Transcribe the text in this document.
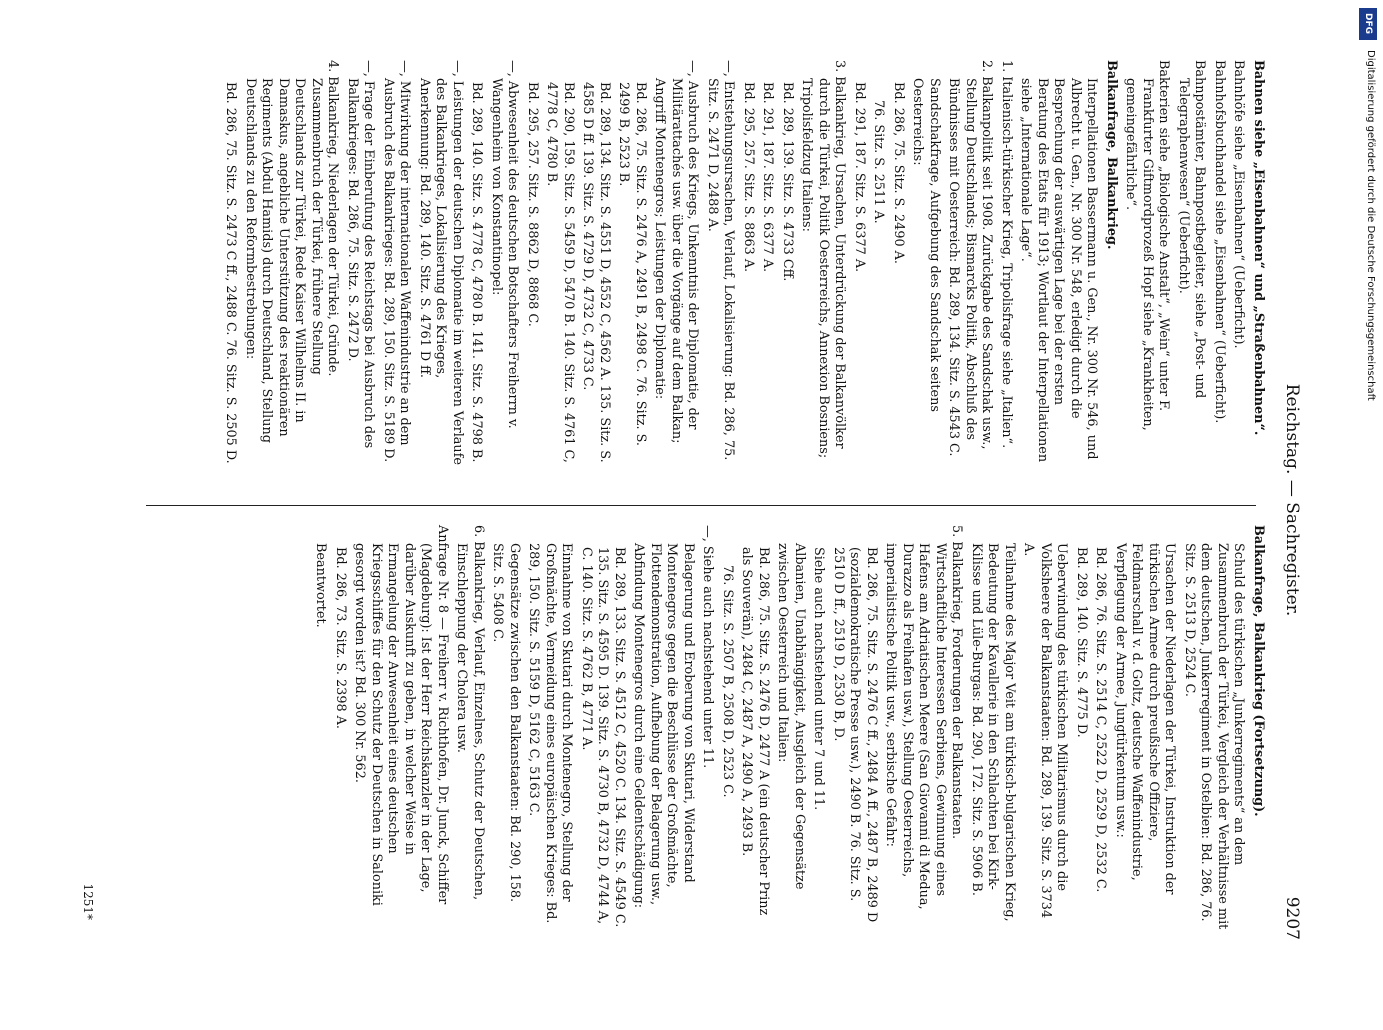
Reichstag. — Sachregister.
9207

Bahnen siehe „Eisenbahnen“ und „Straßenbahnen“.

Bahnhöfe siehe „Eisenbahnen“ (Ueberficht).

Bahnhofsbuchhandel siehe „Eisenbahnen“ (Ueberficht).

Bahnpostämter, Bahnpostbegleiter, siehe „Post- und Telegraphenwesen“ (Ueberficht).

Bakterien siehe „Biologische Anstalt“, „Wein“ unter F. Frankfurter Giftmordprozeß Hopf siehe „Krankheiten, gemeingefährliche“.

Balkanfrage, Balkankrieg.

Interpellationen Bassermann u. Gen., Nr. 300 Nr. 546, und Albrecht u. Gen., Nr. 300 Nr. 548, erledigt durch die Besprechung der auswärtigen Lage bei der ersten Beratung des Etats für 1913; Wortlaut der Interpellationen siehe „Internationale Lage“.

1. Italienisch-türkischer Krieg, Tripolisfrage siehe „Italien“.

2. Balkanpolitik seit 1908. Zurückgabe des Sandschak usw., Stellung Deutschlands; Bismarcks Politik, Abschluß des Bündnisses mit Oesterreich: Bd. 289, 134. Sitz. S. 4543 C.

Sandschakfrage, Aufgebung des Sandschak seitens Oesterreichs:

Bd. 286, 75. Sitz. S. 2490 A.

76. Sitz. S. 2511 A.

Bd. 291, 187. Sitz. S. 6377 A.

3. Balkankrieg, Ursachen, Unterdrückung der Balkanvölker durch die Türkei, Politik Oesterreichs, Annexion Bosniens; Tripolisfeldzug Italiens:

Bd. 289, 139. Sitz. S. 4733 Cff.

Bd. 291, 187. Sitz. S. 6377 A.

Bd. 295, 257. Sitz. S. 8863 A.

—, Entstehungsursachen, Verlauf, Lokalisierung: Bd. 286, 75. Sitz. S. 2471 D, 2488 A.

—, Ausbruch des Kriegs, Unkenntnis der Diplomatie, der Militärattachés usw. über die Vorgänge auf dem Balkan; Angriff Montenegros; Leistungen der Diplomatie:

Bd. 286, 75. Sitz. S. 2476 A, 2491 B, 2498 C. 76. Sitz. S. 2499 B, 2523 B.

Bd. 289, 134. Sitz. S. 4551 D, 4552 C, 4562 A. 135. Sitz. S. 4585 D ff. 139. Sitz. S. 4729 D, 4732 C, 4733 C.

Bd. 290, 159. Sitz. S. 5459 D, 5470 B. 140. Sitz. S. 4761 C, 4778 C, 4780 B.

Bd. 295, 257. Sitz. S. 8862 D, 8868 C.

—, Abwesenheit des deutschen Botschafters Freiherrn v. Wangenheim von Konstantinopel:

Bd. 289, 140. Sitz. S. 4778 C, 4780 B. 141. Sitz. S. 4798 B.

—, Leistungen der deutschen Diplomatie im weiteren Verlaufe des Balkankrieges, Lokalisierung des Krieges, Anerkennung: Bd. 289, 140. Sitz. S. 4761 D ff.

—, Mitwirkung der internationalen Waffenindustrie an dem Ausbruch des Balkankrieges: Bd. 289, 150. Sitz. S. 5189 D.

—, Frage der Einberufung des Reichstags bei Ausbruch des Balkankrieges: Bd. 286, 75. Sitz. S. 2472 D.

4. Balkankrieg, Niederlagen der Türkei, Gründe. Zusammenbruch der Türkei, frühere Stellung Deutschlands zur Türkei, Rede Kaiser Wilhelms II. in Damaskus, angebliche Unterstützung des reaktionären Regiments (Abdul Hamids) durch Deutschland, Stellung Deutschlands zu den Reformbestrebungen:

Bd. 286, 75. Sitz. S. 2473 C ff., 2488 C. 76. Sitz. S. 2505 D.

Balkanfrage, Balkankrieg (Fortsetzung).

Schuld des türkischen „Junkerregiments“ an dem Zusammenbruch der Türkei, Vergleich der Verhältnisse mit dem deutschen, Junkerregiment in Ostelbien: Bd. 286, 76. Sitz. S. 2513 D, 2524 C.

Ursachen der Niederlagen der Türkei, Instruktion der türkischen Armee durch preußische Offiziere, Feldmarschall v. d. Goltz, deutsche Waffenindustrie, Verpflegung der Armee, Jungtürkentum usw.:

Bd. 286, 76. Sitz. S. 2514 C, 2522 D, 2529 D, 2532 C.

Bd. 289, 140. Sitz. S. 4775 D.

Ueberwindung des türkischen Militarismus durch die Volksheere der Balkanstaaten: Bd. 289, 139. Sitz. S. 3734 A.

Teilnahme des Major Veit am türkisch-bulgarischen Krieg, Bedeutung der Kavallerie in den Schlachten bei Kirk-Kilisse und Lüle-Burgas: Bd. 290, 172. Sitz. S. 5906 B.

5. Balkankrieg, Forderungen der Balkanstaaten. Wirtschaftliche Interessen Serbiens, Gewinnung eines Hafens am Adriatischen Meere (San Giovanni di Medua, Durazzo als Freihafen usw.), Stellung Oesterreichs, imperialistische Politik usw., serbische Gefahr:

Bd. 286, 75. Sitz. S. 2476 C ff., 2484 A ff., 2487 B, 2489 D (sozialdemokratische Presse usw.), 2490 B. 76. Sitz. S. 2510 D ff., 2519 D, 2530 B, D.

Siehe auch nachstehend unter 7 und 11.

Albanien, Unabhängigkeit, Ausgleich der Gegensätze zwischen Oesterreich und Italien:

Bd. 286, 75. Sitz. S. 2476 D, 2477 A (ein deutscher Prinz als Souverän), 2484 C, 2487 A, 2490 A, 2493 B.

76. Sitz. S. 2507 B, 2508 D, 2523 C.

—, Siehe auch nachstehend unter 11.

Belagerung und Eroberung von Skutari, Widerstand Montenegros gegen die Beschlüsse der Großmächte, Flottendemonstration, Aufhebung der Belagerung usw., Abfindung Montenegros durch eine Geldentschädigung:

Bd. 289, 133. Sitz. S. 4512 C, 4520 C. 134. Sitz. S. 4549 C. 135. Sitz. S. 4595 D. 139. Sitz. S. 4730 B, 4732 D, 4744 A, C. 140. Sitz. S. 4762 B, 4771 A.

Einnahme von Skutari durch Montenegro, Stellung der Großmächte, Vermeidung eines europäischen Krieges: Bd. 289, 150. Sitz. S. 5159 D, 5162 C, 5163 C.

Gegensätze zwischen den Balkanstaaten: Bd. 290, 158. Sitz. S. 5408 C.

6. Balkankrieg, Verlauf, Einzelnes, Schutz der Deutschen, Einschleppung der Cholera usw.

Anfrage Nr. 8 — Freiherr v. Richthofen, Dr. Junck, Schiffer (Magdeburg): Ist der Herr Reichskanzler in der Lage, darüber Auskunft zu geben, in welcher Weise in Ermangelung der Anwesenheit eines deutschen Kriegsschiffes für den Schutz der Deutschen in Saloniki gesorgt worden ist? Bd. 300 Nr. 562.

Bd. 286, 73. Sitz. S. 2398 A.

Beantwortet.

1251*
DFG
Digitalisierung gefördert durch die Deutsche Forschungsgemeinschaft
